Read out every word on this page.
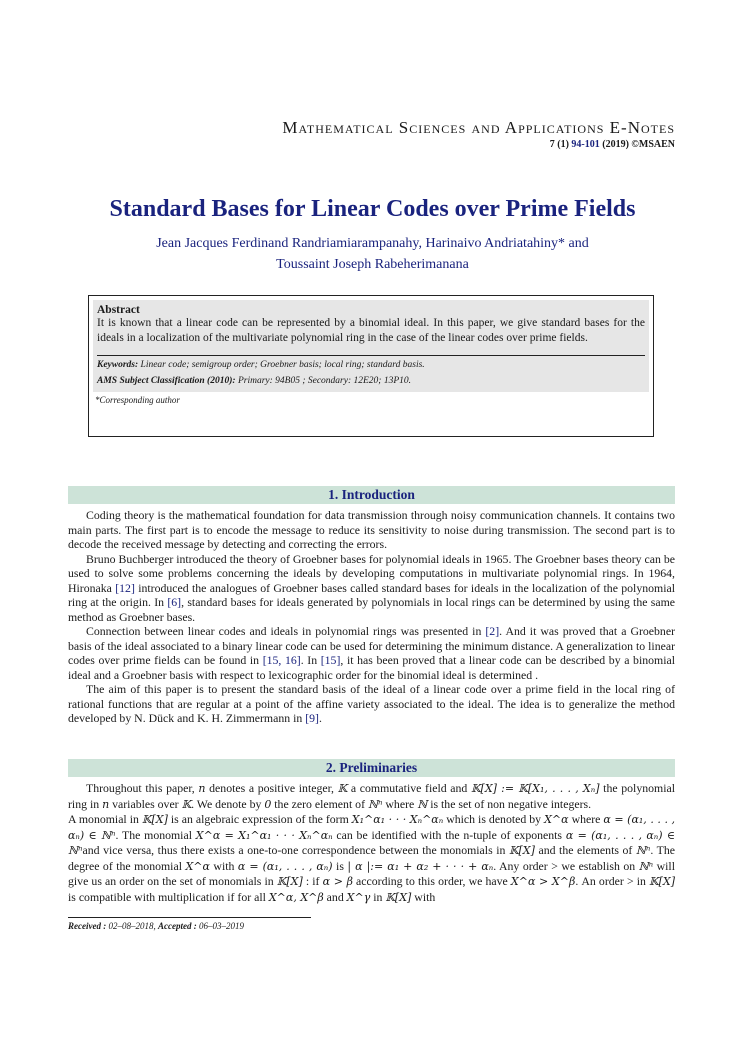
Mathematical Sciences and Applications E-Notes
7 (1) 94-101 (2019) ©MSAEN
Standard Bases for Linear Codes over Prime Fields
Jean Jacques Ferdinand Randriamiarampanahy, Harinaivo Andriatahiny* and
Toussaint Joseph Rabeherimanana
Abstract
It is known that a linear code can be represented by a binomial ideal. In this paper, we give standard bases for the ideals in a localization of the multivariate polynomial ring in the case of the linear codes over prime fields.
Keywords: Linear code; semigroup order; Groebner basis; local ring; standard basis.
AMS Subject Classification (2010): Primary: 94B05 ; Secondary: 12E20; 13P10.
*Corresponding author
1. Introduction

Coding theory is the mathematical foundation for data transmission through noisy communication channels. It contains two main parts. The first part is to encode the message to reduce its sensitivity to noise during transmission. The second part is to decode the received message by detecting and correcting the errors.

Bruno Buchberger introduced the theory of Groebner bases for polynomial ideals in 1965. The Groebner bases theory can be used to solve some problems concerning the ideals by developing computations in multivariate polynomial rings. In 1964, Hironaka [12] introduced the analogues of Groebner bases called standard bases for ideals in the localization of the polynomial ring at the origin. In [6], standard bases for ideals generated by polynomials in local rings can be determined by using the same method as Groebner bases.

Connection between linear codes and ideals in polynomial rings was presented in [2]. And it was proved that a Groebner basis of the ideal associated to a binary linear code can be used for determining the minimum distance. A generalization to linear codes over prime fields can be found in [15, 16]. In [15], it has been proved that a linear code can be described by a binomial ideal and a Groebner basis with respect to lexicographic order for the binomial ideal is determined .

The aim of this paper is to present the standard basis of the ideal of a linear code over a prime field in the local ring of rational functions that are regular at a point of the affine variety associated to the ideal. The idea is to generalize the method developed by N. Dück and K. H. Zimmermann in [9].

2. Preliminaries

Throughout this paper, n denotes a positive integer, 𝕂 a commutative field and 𝕂[X] := 𝕂[X₁, . . . , Xₙ] the polynomial ring in n variables over 𝕂. We denote by 0 the zero element of ℕⁿ where ℕ is the set of non negative integers.

A monomial in 𝕂[X] is an algebraic expression of the form X₁^α₁ · · · Xₙ^αₙ which is denoted by X^α where α = (α₁, . . . , αₙ) ∈ ℕⁿ. The monomial X^α = X₁^α₁ · · · Xₙ^αₙ can be identified with the n-tuple of exponents α = (α₁, . . . , αₙ) ∈ ℕⁿand vice versa, thus there exists a one-to-one correspondence between the monomials in 𝕂[X] and the elements of ℕⁿ. The degree of the monomial X^α with α = (α₁, . . . , αₙ) is | α |:= α₁ + α₂ + · · · + αₙ. Any order > we establish on ℕⁿ will give us an order on the set of monomials in 𝕂[X] : if α > β according to this order, we have X^α > X^β. An order > in 𝕂[X] is compatible with multiplication if for all X^α, X^β and X^γ in 𝕂[X] with

Received : 02–08–2018, Accepted : 06–03–2019
